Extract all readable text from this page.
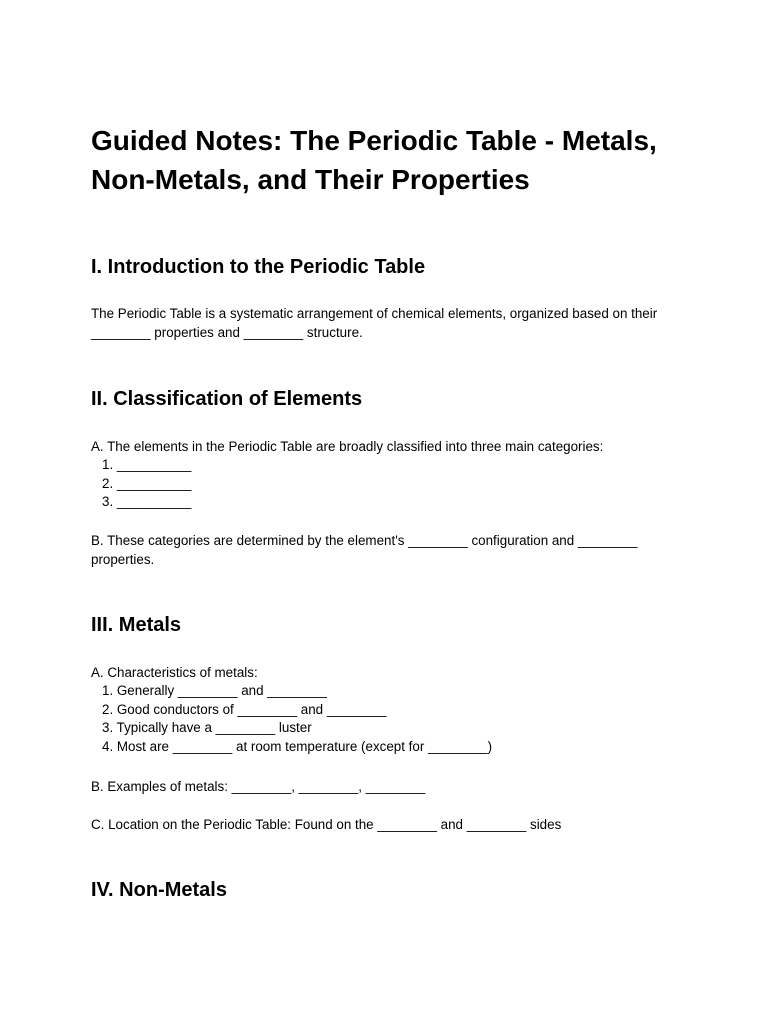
Guided Notes: The Periodic Table - Metals, Non-Metals, and Their Properties
I. Introduction to the Periodic Table

The Periodic Table is a systematic arrangement of chemical elements, organized based on their ________ properties and ________ structure.

II. Classification of Elements

A. The elements in the Periodic Table are broadly classified into three main categories:

1. __________
2. __________
3. __________

B. These categories are determined by the element's ________ configuration and ________ properties.

III. Metals

A. Characteristics of metals:

1. Generally ________ and ________
2. Good conductors of ________ and ________
3. Typically have a ________ luster
4. Most are ________ at room temperature (except for ________)

B. Examples of metals: ________, ________, ________

C. Location on the Periodic Table: Found on the ________ and ________ sides

IV. Non-Metals
